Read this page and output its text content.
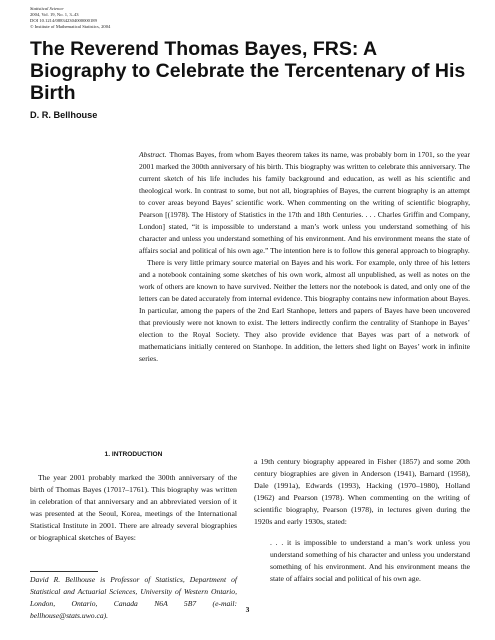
Statistical Science
2004, Vol. 19, No. 1, 3–43
DOI 10.1214/088342304000000189
© Institute of Mathematical Statistics, 2004
The Reverend Thomas Bayes, FRS: A Biography to Celebrate the Tercentenary of His Birth
D. R. Bellhouse

Abstract. Thomas Bayes, from whom Bayes theorem takes its name, was probably born in 1701, so the year 2001 marked the 300th anniversary of his birth. This biography was written to celebrate this anniversary. The current sketch of his life includes his family background and education, as well as his scientific and theological work. In contrast to some, but not all, biographies of Bayes, the current biography is an attempt to cover areas beyond Bayes’ scientific work. When commenting on the writing of scientific biography, Pearson [(1978). The History of Statistics in the 17th and 18th Centuries. . . . Charles Griffin and Company, London] stated, “it is impossible to understand a man’s work unless you understand something of his character and unless you understand something of his environment. And his environment means the state of affairs social and political of his own age.” The intention here is to follow this general approach to biography.

There is very little primary source material on Bayes and his work. For example, only three of his letters and a notebook containing some sketches of his own work, almost all unpublished, as well as notes on the work of others are known to have survived. Neither the letters nor the notebook is dated, and only one of the letters can be dated accurately from internal evidence. This biography contains new information about Bayes. In particular, among the papers of the 2nd Earl Stanhope, letters and papers of Bayes have been uncovered that previously were not known to exist. The letters indirectly confirm the centrality of Stanhope in Bayes’ election to the Royal Society. They also provide evidence that Bayes was part of a network of mathematicians initially centered on Stanhope. In addition, the letters shed light on Bayes’ work in infinite series.

1. INTRODUCTION

The year 2001 probably marked the 300th anniversary of the birth of Thomas Bayes (1701?–1761). This biography was written in celebration of that anniversary and an abbreviated version of it was presented at the Seoul, Korea, meetings of the International Statistical Institute in 2001. There are already several biographies or biographical sketches of Bayes:

David R. Bellhouse is Professor of Statistics, Department of Statistical and Actuarial Sciences, University of Western Ontario, London, Ontario, Canada N6A 5B7 (e-mail: bellhouse@stats.uwo.ca).

a 19th century biography appeared in Fisher (1857) and some 20th century biographies are given in Anderson (1941), Barnard (1958), Dale (1991a), Edwards (1993), Hacking (1970–1980), Holland (1962) and Pearson (1978). When commenting on the writing of scientific biography, Pearson (1978), in lectures given during the 1920s and early 1930s, stated:

. . . it is impossible to understand a man’s work unless you understand something of his character and unless you understand something of his environment. And his environment means the state of affairs social and political of his own age.
3
